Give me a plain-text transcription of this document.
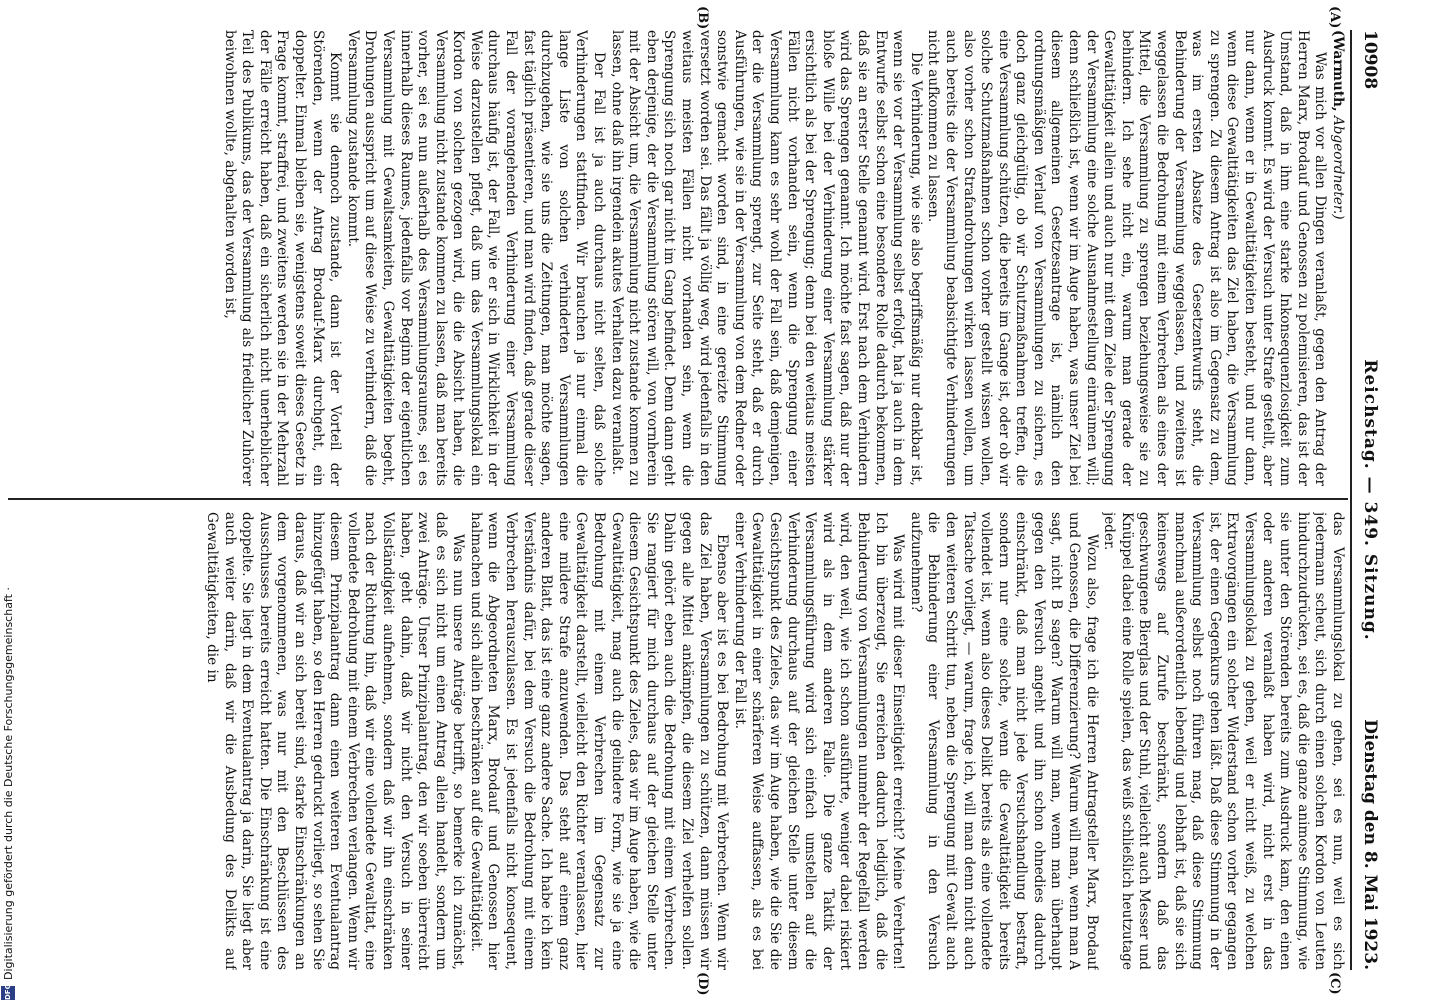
10908
Reichstag. — 349. Sitzung.
Dienstag den 8. Mai 1923.
(A)
(B)
(C)
(D)

(Warmuth, Abgeordneter.)

Was mich vor allen Dingen veranlaßt, gegen den Antrag der Herren Marx, Brodauf und Genossen zu polemisieren, das ist der Umstand, daß in ihm eine starke Inkonsequenzlosigkeit zum Ausdruck kommt. Es wird der Versuch unter Strafe gestellt, aber nur dann, wenn er in Gewalttätigkeiten besteht, und nur dann, wenn diese Gewalttätigkeiten das Ziel haben, die Versammlung zu sprengen. Zu diesem Antrag ist also im Gegensatz zu dem, was im ersten Absatze des Gesetzentwurfs steht, die Behinderung der Versammlung weggelassen, und zweitens ist weggelassen die Bedrohung mit einem Verbrechen als eines der Mittel, die Versammlung zu sprengen beziehungsweise sie zu behindern. Ich sehe nicht ein, warum man gerade der Gewalttätigkeit allein und auch nur mit dem Ziele der Sprengung der Versammlung eine solche Ausnahmestellung einräumen will; denn schließlich ist, wenn wir im Auge haben, was unser Ziel bei diesem allgemeinen Gesetzesantrage ist, nämlich den ordnungsmäßigen Verlauf von Versammlungen zu sichern, es doch ganz gleichgültig, ob wir Schutzmaßnahmen treffen, die eine Versammlung schützen, die bereits im Gange ist, oder ob wir solche Schutzmaßnahmen schon vorher gestellt wissen wollen, also vorher schon Strafandrohungen wirken lassen wollen, um auch bereits die der Versammlung beabsichtigte Verhinderungen nicht aufkommen zu lassen.

Die Verhinderung, wie sie also begriffsmäßig nur denkbar ist, wenn sie vor der Versammlung selbst erfolgt, hat ja auch in dem Entwurfe selbst schon eine besondere Rolle dadurch bekommen, daß sie an erster Stelle genannt wird. Erst nach dem Verhindern wird das Sprengen genannt. Ich möchte fast sagen, daß nur der bloße Wille bei der Verhinderung einer Versammlung stärker ersichtlich als bei der Sprengung; denn bei den weitaus meisten Fällen nicht vorhanden sein, wenn die Sprengung einer Versammlung kann es sehr wohl der Fall sein, daß demjenigen, der die Versammlung sprengt, zur Seite steht, daß er durch Ausführungen, wie sie in der Versammlung von dem Redner oder sonstwie gemacht worden sind, in eine gereizte Stimmung versetzt worden sei. Das fällt ja völlig weg, wird jedenfalls in den weitaus meisten Fällen nicht vorhanden sein, wenn die Sprengung sich noch gar nicht im Gang befindet. Denn dann geht eben derjenige, der die Versammlung stören will, von vornherein mit der Absicht um, die Versammlung nicht zustande kommen zu lassen, ohne daß ihn irgendein akutes Verhalten dazu veranlaßt.

Der Fall ist ja auch durchaus nicht selten, daß solche Verhinderungen stattfinden. Wir brauchen ja nur einmal die lange Liste von solchen verhinderten Versammlungen durchzugehen, wie sie uns die Zeitungen, man möchte sagen, fast täglich präsentieren, und man wird finden, daß gerade dieser Fall der vorangehenden Verhinderung einer Versammlung durchaus häufig ist, der Fall, wie er sich in Wirklichkeit in der Weise darzustellen pflegt, daß um das Versammlungslokal ein Kordon von solchen gezogen wird, die die Absicht haben, die Versammlung nicht zustande kommen zu lassen, daß man bereits vorher, sei es nun außerhalb des Versammlungsraumes, sei es innerhalb dieses Raumes, jedenfalls vor Beginn der eigentlichen Versammlung mit Gewaltsamkeiten, Gewalttätigkeiten begeht, Drohungen ausspricht um auf diese Weise zu verhindern, daß die Versammlung zustande kommt.

Kommt sie dennoch zustande, dann ist der Vorteil der Störenden, wenn der Antrag Brodauf-Marx durchgeht, ein doppelter. Einmal bleiben sie, wenigstens soweit dieses Gesetz in Frage kommt, straffrei, und zweitens werden sie in der Mehrzahl der Fälle erreicht haben, daß ein sicherlich nicht unerheblicher Teil des Publikums, das der Versammlung als friedlicher Zuhörer beiwohnen wollte, abgehalten worden ist,

das Versammlungslokal zu gehen, sei es nun, weil es sich jedermann scheut, sich durch einen solchen Kordon von Leuten hindurchzudrücken, sei es, daß die ganze animose Stimmung, wie sie unter den Störenden bereits zum Ausdruck kam, den einen oder anderen veranlaßt haben wird, nicht erst in das Versammlungslokal zu gehen, weil er nicht weiß, zu welchen Extravorgängen ein solcher Widerstand schon vorher gegangen ist, der einen Gegenkurs gehen läßt. Daß diese Stimmung in der Versammlung selbst noch führen mag, daß diese Stimmung manchmal außerordentlich lebendig und lebhaft ist, daß sie sich keineswegs auf Zurufe beschränkt, sondern daß das geschwungene Bierglas und der Stuhl, vielleicht auch Messer und Knüppel dabei eine Rolle spielen, das weiß schließlich heutzutage jeder.

Wozu also, frage ich die Herren Antragsteller Marx, Brodauf und Genossen, die Differenzierung? Warum will man, wenn man A sagt, nicht B sagen? Warum will man, wenn man überhaupt gegen den Versuch angeht und ihn schon ohnedies dadurch einschränkt, daß man nicht jede Versuchshandlung bestraft, sondern nur eine solche, wenn die Gewalttätigkeit bereits vollendet ist, wenn also dieses Delikt bereits als eine vollendete Tatsache vorliegt, — warum, frage ich, will man denn nicht auch den weiteren Schritt tun, neben die Sprengung mit Gewalt auch die Behinderung einer Versammlung in den Versuch aufzunehmen?

Was wird mit dieser Einseitigkeit erreicht? Meine Verehrten! Ich bin überzeugt, Sie erreichen dadurch lediglich, daß die Behinderung von Versammlungen nunmehr der Regelfall werden wird, den weil, wie ich schon ausführte, weniger dabei riskiert wird als in dem anderen Falle. Die ganze Taktik der Versammlungsführung wird sich einfach umstellen auf die Verhinderung durchaus auf der gleichen Stelle unter diesem Gesichtspunkt des Zieles, das wir im Auge haben, wie die Sie die Gewalttätigkeit in einer schärferen Weise auffassen, als es bei einer Verhinderung der Fall ist.

Ebenso aber ist es bei Bedrohung mit Verbrechen. Wenn wir das Ziel haben, Versammlungen zu schützen, dann müssen wir gegen alle Mittel ankämpfen, die diesem Ziel verhelfen sollen. Dahin gehört eben auch die Bedrohung mit einem Verbrechen. Sie rangiert für mich durchaus auf der gleichen Stelle unter diesem Gesichtspunkt des Zieles, das wir im Auge haben, wie die Gewalttätigkeit, mag auch die gelindere Form, wie sie ja eine Bedrohung mit einem Verbrechen im Gegensatz zur Gewalttätigkeit darstellt, vielleicht den Richter veranlassen, hier eine mildere Strafe anzuwenden. Das steht auf einem ganz anderen Blatt, das ist eine ganz andere Sache. Ich habe ich kein Verständnis dafür, bei dem Versuch die Bedrohung mit einem Verbrechen herauszulassen. Es ist jedenfalls nicht konsequent, wenn die Abgeordneten Marx, Brodauf und Genossen hier halmachen und sich allein beschränken auf die Gewalttätigkeit.

Was nun unsere Anträge betrifft, so bemerke ich zunächst, daß es sich nicht um einen Antrag allein handelt, sondern um zwei Anträge. Unser Prinzipalantrag, den wir soeben überreicht haben, geht dahin, daß wir nicht den Versuch in seiner Vollständigkeit aufnehmen, sondern daß wir ihn einschränken nach der Richtung hin, daß wir eine vollendete Gewalttat, eine vollendete Bedrohung mit einem Verbrechen verlangen. Wenn wir diesem Prinzipalantrag dann einen weiteren Eventualantrag hinzugefügt haben, so den Herren gedruckt vorliegt, so sehen Sie daraus, daß wir an sich bereit sind, starke Einschränkungen an dem vorgenommenen, was nur mit den Beschlüssen des Ausschusses bereits erreicht hatten. Die Einschränkung ist eine doppelte. Sie liegt in dem Eventualantrag ja darin, Sie liegt aber auch weiter darin, daß wir die Ausbedung des Delikts auf Gewalttätigkeiten, die in

DFG
Digitalisierung gefördert durch die Deutsche Forschungsgemeinschaft ·
